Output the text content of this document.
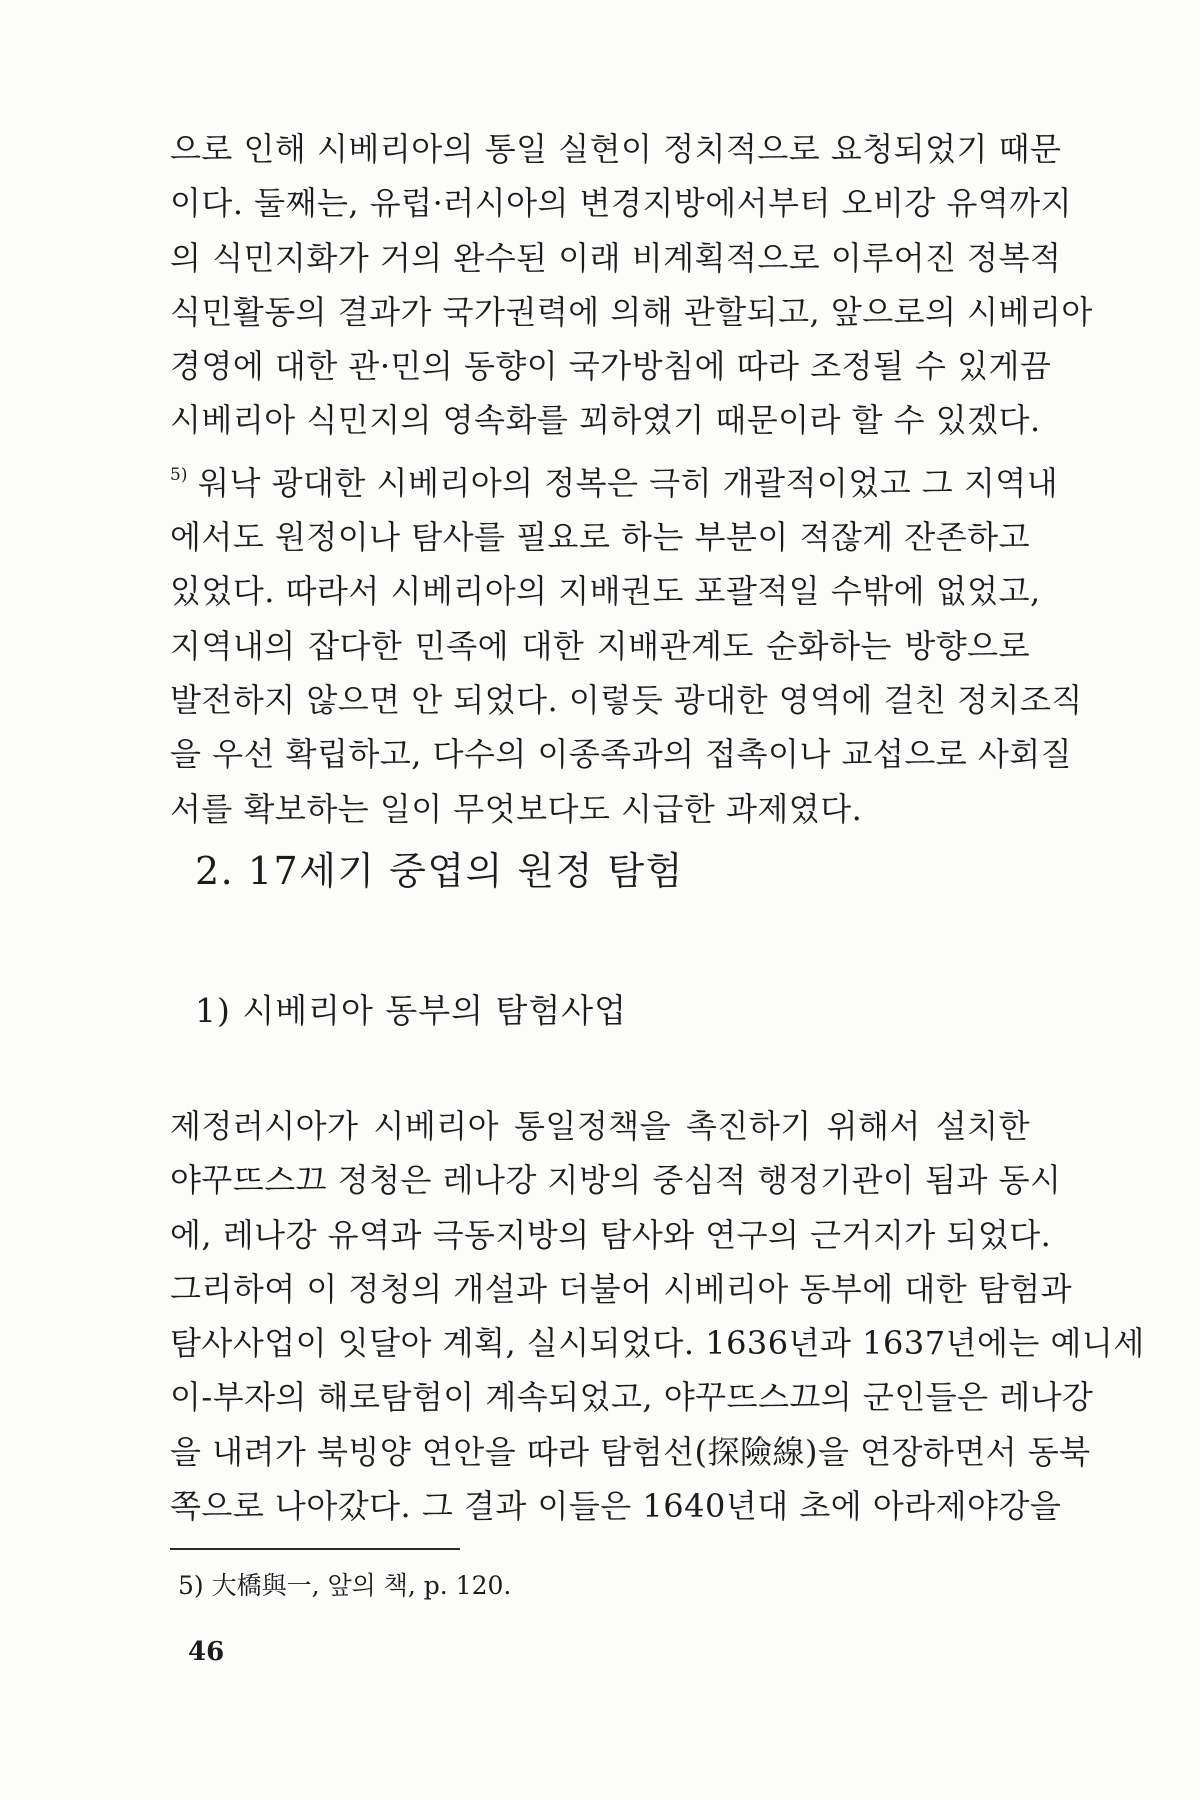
으로 인해 시베리아의 통일 실현이 정치적으로 요청되었기 때문
이다. 둘째는, 유럽·러시아의 변경지방에서부터 오비강 유역까지
의 식민지화가 거의 완수된 이래 비계획적으로 이루어진 정복적
식민활동의 결과가 국가권력에 의해 관할되고, 앞으로의 시베리아
경영에 대한 관·민의 동향이 국가방침에 따라 조정될 수 있게끔
시베리아 식민지의 영속화를 꾀하였기 때문이라 할 수 있겠다.
$^{5)}$ 워낙 광대한 시베리아의 정복은 극히 개괄적이었고 그 지역내
에서도 원정이나 탐사를 필요로 하는 부분이 적잖게 잔존하고
있었다. 따라서 시베리아의 지배권도 포괄적일 수밖에 없었고,
지역내의 잡다한 민족에 대한 지배관계도 순화하는 방향으로
발전하지 않으면 안 되었다. 이렇듯 광대한 영역에 걸친 정치조직
을 우선 확립하고, 다수의 이종족과의 접촉이나 교섭으로 사회질
서를 확보하는 일이 무엇보다도 시급한 과제였다.
2. 17세기 중엽의 원정 탐험
1) 시베리아 동부의 탐험사업
제정러시아가 시베리아 통일정책을 촉진하기 위해서 설치한
야꾸뜨스끄 정청은 레나강 지방의 중심적 행정기관이 됨과 동시
에, 레나강 유역과 극동지방의 탐사와 연구의 근거지가 되었다.
그리하여 이 정청의 개설과 더불어 시베리아 동부에 대한 탐험과
탐사사업이 잇달아 계획, 실시되었다. 1636년과 1637년에는 예니세
이-부자의 해로탐험이 계속되었고, 야꾸뜨스끄의 군인들은 레나강
을 내려가 북빙양 연안을 따라 탐험선(探險線)을 연장하면서 동북
쪽으로 나아갔다. 그 결과 이들은 1640년대 초에 아라제야강을
5) 大橋與一, 앞의 책, p. 120.
46
